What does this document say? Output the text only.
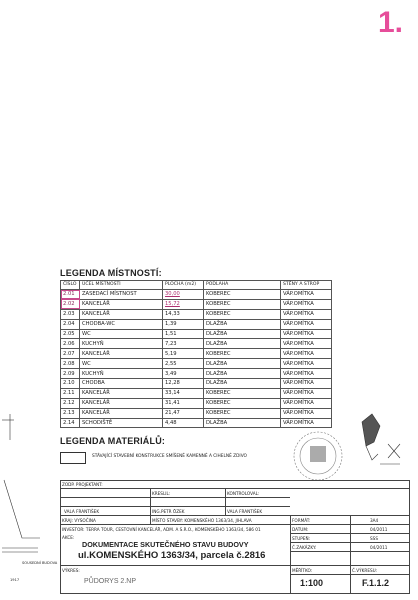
1.
LEGENDA MÍSTNOSTÍ:
ČÍSLO	ÚČEL MÍSTNOSTI	PLOCHA (m2)	PODLAHA	STĚNY A STROP
2.01	ZASEDACÍ MÍSTNOST	30,00	KOBEREC	VÁP.OMÍTKA
2.02	KANCELÁŘ	15,72	KOBEREC	VÁP.OMÍTKA
2.03	KANCELÁŘ	14,33	KOBEREC	VÁP.OMÍTKA
2.04	CHODBA-WC	1,39	DLAŽBA	VÁP.OMÍTKA
2.05	WC	1,51	DLAŽBA	VÁP.OMÍTKA
2.06	KUCHYŇ	7,23	DLAŽBA	VÁP.OMÍTKA
2.07	KANCELÁŘ	5,19	KOBEREC	VÁP.OMÍTKA
2.08	WC	2,55	DLAŽBA	VÁP.OMÍTKA
2.09	KUCHYŇ	3,49	DLAŽBA	VÁP.OMÍTKA
2.10	CHODBA	12,28	DLAŽBA	VÁP.OMÍTKA
2.11	KANCELÁŘ	33,14	KOBEREC	VÁP.OMÍTKA
2.12	KANCELÁŘ	31,41	KOBEREC	VÁP.OMÍTKA
2.13	KANCELÁŘ	21,47	KOBEREC	VÁP.OMÍTKA
2.14	SCHODIŠTĚ	4,48	DLAŽBA	VÁP.OMÍTKA
LEGENDA MATERIÁLŮ:
STÁVAJÍCÍ STAVEBNÍ KONSTRUKCE SMÍŠENÉ KAMENNÉ A CIHELNÉ ZDIVO
SOUSEDNÍ BUDOVA
1917
ZODP. PROJEKTANT:
KRESLIL:	KONTROLOVAL:
VALA FRANTIŠEK	ING.PETR ÖZEK	VALA FRANTIŠEK
KRAJ: VYSOČINA	MÍSTO STAVBY: KOMENSKÉHO 1363/34, JIHLAVA
INVESTOR: TERRA TOUR, CESTOVNÍ KANCELÁŘ, ADM. A S.R.O., KOMENSKÉHO 1363/34, 586 01
AKCE:
DOKUMENTACE SKUTEČNÉHO STAVU BUDOVY
ul.KOMENSKÉHO 1363/34, parcela č.2816
VÝKRES:
PŮDORYS 2.NP
FORMÁT:	3A4
DATUM:	04/2011
STUPEŇ:	SSS
Č.ZAKÁZKY:	04/2011
MĚŘÍTKO:	Č.VÝKRESU:
1:100	F.1.1.2
